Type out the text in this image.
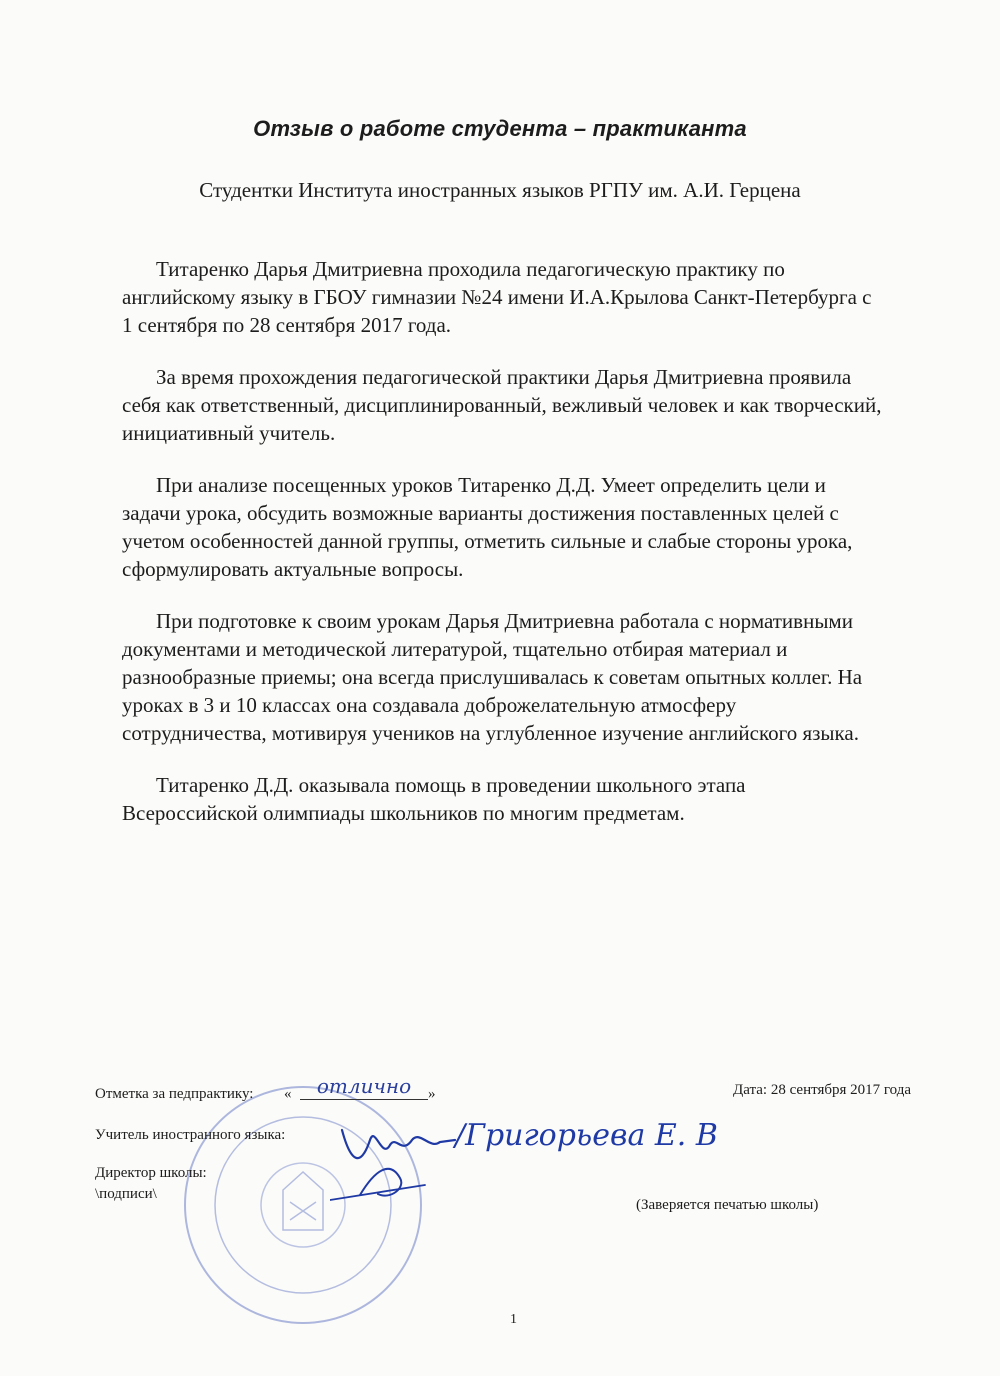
Отзыв о работе студента – практиканта

Студентки Института иностранных языков РГПУ им. А.И. Герцена

Титаренко Дарья Дмитриевна проходила педагогическую практику по
английскому языку в ГБОУ гимназии №24 имени И.А.Крылова Санкт-Петербурга с
1 сентября по 28 сентября 2017 года.
За время прохождения педагогической практики Дарья Дмитриевна проявила
себя как ответственный, дисциплинированный, вежливый человек и как творческий,
инициативный учитель.
При анализе посещенных уроков Титаренко Д.Д. Умеет определить цели и
задачи урока, обсудить возможные варианты достижения поставленных целей с
учетом особенностей данной группы, отметить сильные и слабые стороны урока,
сформулировать актуальные вопросы.
При подготовке к своим урокам Дарья Дмитриевна работала с нормативными
документами и методической литературой, тщательно отбирая материал и
разнообразные приемы; она всегда прислушивалась к советам опытных коллег. На
уроках в 3 и 10 классах она создавала доброжелательную атмосферу
сотрудничества, мотивируя учеников на углубленное изучение английского языка.
Титаренко Д.Д. оказывала помощь в проведении школьного этапа
Всероссийской олимпиады школьников по многим предметам.
Отметка за педпрактику: «	отлично	»	Дата: 28 сентября 2017 года
Учитель иностранного языка:	/Григорьева Е. В
Директор школы:
\подписи\
(Заверяется печатью школы)
1
